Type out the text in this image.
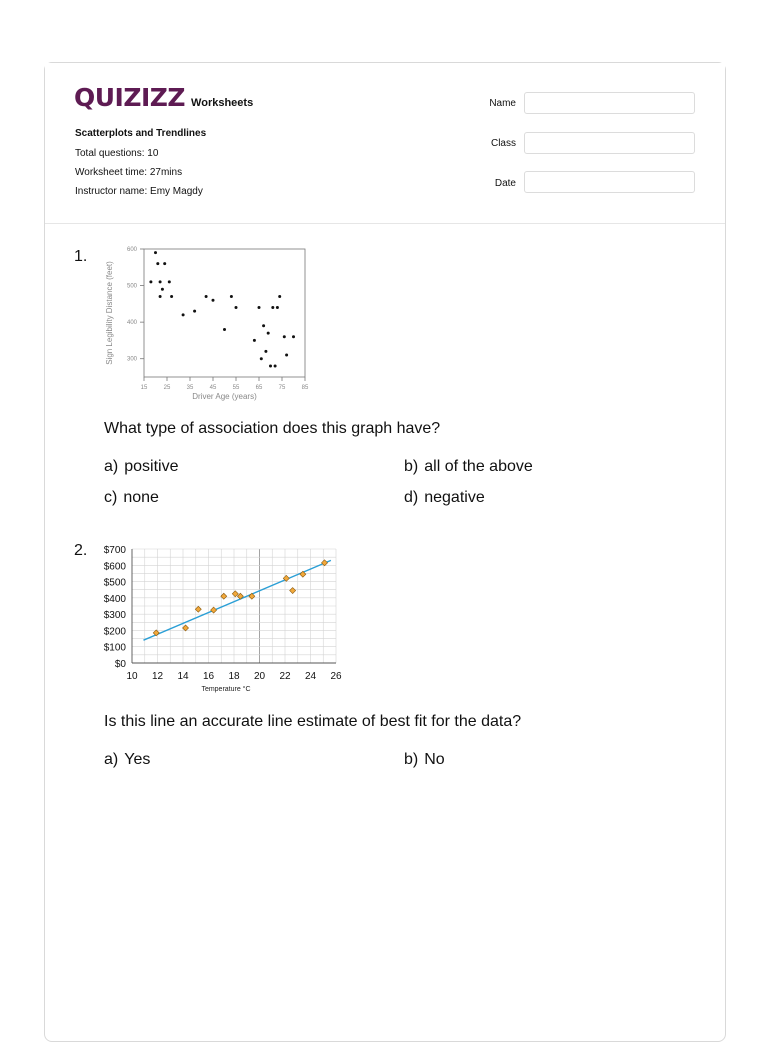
QUIZIZZ Worksheets
Scatterplots and Trendlines
Total questions: 10
Worksheet time: 27mins
Instructor name: Emy Magdy
Name
Class
Date
1.
300
400
500
600
15	25	35	45	55	65	75	85
Driver Age (years)
Sign Legibility Distance (feet)
What type of association does this graph have?
a) positive	b) all of the above
c) none	d) negative
2.
$0
$100
$200
$300
$400
$500
$600
$700
10 12 14 16 18 20 22 24 26
Temperature °C
Is this line an accurate line estimate of best fit for the data?
a) Yes	b) No
